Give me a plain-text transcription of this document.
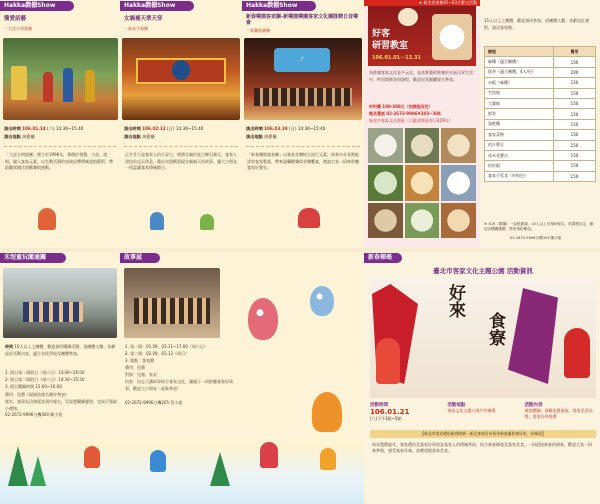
Hakka戲棚Show
簡愛話藝
－大話方明說團
演出時間 106.01.14 (六) 14:30~15:40
演出地點 演藝廳
「大話方明說團」創立於1996年，專精於相聲、小品、說唱，融入客家元素，以生動活潑的表演詮釋傳統說唱藝術，帶給觀眾無比的歡樂與感動。
Hakka戲棚Show
女媧補天翠天穿
－新高手新團
演出時間 106.02.12 (日) 14:30~15:40
演出地點 演藝廳
正月廿日是客家人的天穿日，相傳女媧於此日煉石補天，客家人習俗於這天休息，藉由布袋戲重現女媧補天的故事，讓大小朋友一同認識客家傳統節日。
Hakka戲棚Show
新春樂園客家團-新樂園樂團客家文化團隊精日音樂會
－新樂園樂團
♪
演出時間 106.03.19 (日) 14:30~15:40
演出地點 演藝廳
「新春樂園客家團」以客家音樂結合流行元素，演奏多首耳熟能詳的客家歌謠，帶來溫馨歡樂的音樂饗宴，邀請大家一同來聆聽客家好聲音。
★ 新北客家館01~03月藝文活動
好客
研習教室
106.01.01－12.31
為推廣客家文化並多元化，並落實藝術推廣於社區民眾生活中，特別開辦各項課程，歡迎民眾踴躍報名參加。
材料費 100-300元（依課程而定）
報名電話 02-2672-9996#303~304
新北市客家文化園區（示範菜餚是每日220份）
15人以上之團體，歡迎預約參加，依團體人數、年齡設計課程，請洽客家館。
課程	費用
麻糬（適合團體）	150
擂茶（適合團體，4人/份）	200
水粄（麻糬）	150
竹筒飯	150
大腸飯	150
擂茶	150
粢粑糬	150
客家菜餅	150
桔汁寶貝	150
冰米花寶貝	150
桔紅粄	150
客家小零食（材料包）	150
※ 本表（限購）一說根據課，15人以上可預約報名，依課程訂定，歡迎各機關團體、學校預約參加。
02-2672-9996分機303 陳小姐
禾埕童玩闖通關
時間 15人以上之團體，歡迎預約闖關活動，依團體人數、年齡設計活動內容，適合各級學校及團體參加。
1. 假日第一場假日（週六日）14:00~15:00
2. 假日第二場假日（週六日）14:30~15:30
3. 假日闖關時間 15:00~16:00
費用：免費（現場依報名順序參加）
報名：請事先洽詢電話預約報名，另設置闖關護照，完成可領取小禮物。
02-2672-9996分機304 陳小姐
故事屋
1. 第一場：01.09、03.11~17:00（周六日）
2. 第二場：02.09、03.12（周日）
3. 地點：客家館
費用：免費
對象：兒童、家長
內容：由志工講故事結合客家文化，讓親子一同聆聽客家好故事，歡迎大小朋友一起來參加！
02-2672-9996分機205 蔡小姐
新春揮毫
臺北市客家文化主題公園 活動資訊
好來
食寮
活動時間
106.01.21
(六)下午1點~5點
活動地點
客家文化主題公園戶外廣場
活動內容
揮毫體驗、春聯免費索取、客家美食品嚐、客家好料推薦
【新北市客家禮俗新春時節－新北客家好米招待新春讓你來好吃、好味道】
每年農曆過年，客家禮俗及客家好料皆是客家人的傳統習俗，結合新春揮毫及客家美食，一同迎接新春的到來，歡迎大家一同來參與，感受客家年味，品嚐道地客家美食。
